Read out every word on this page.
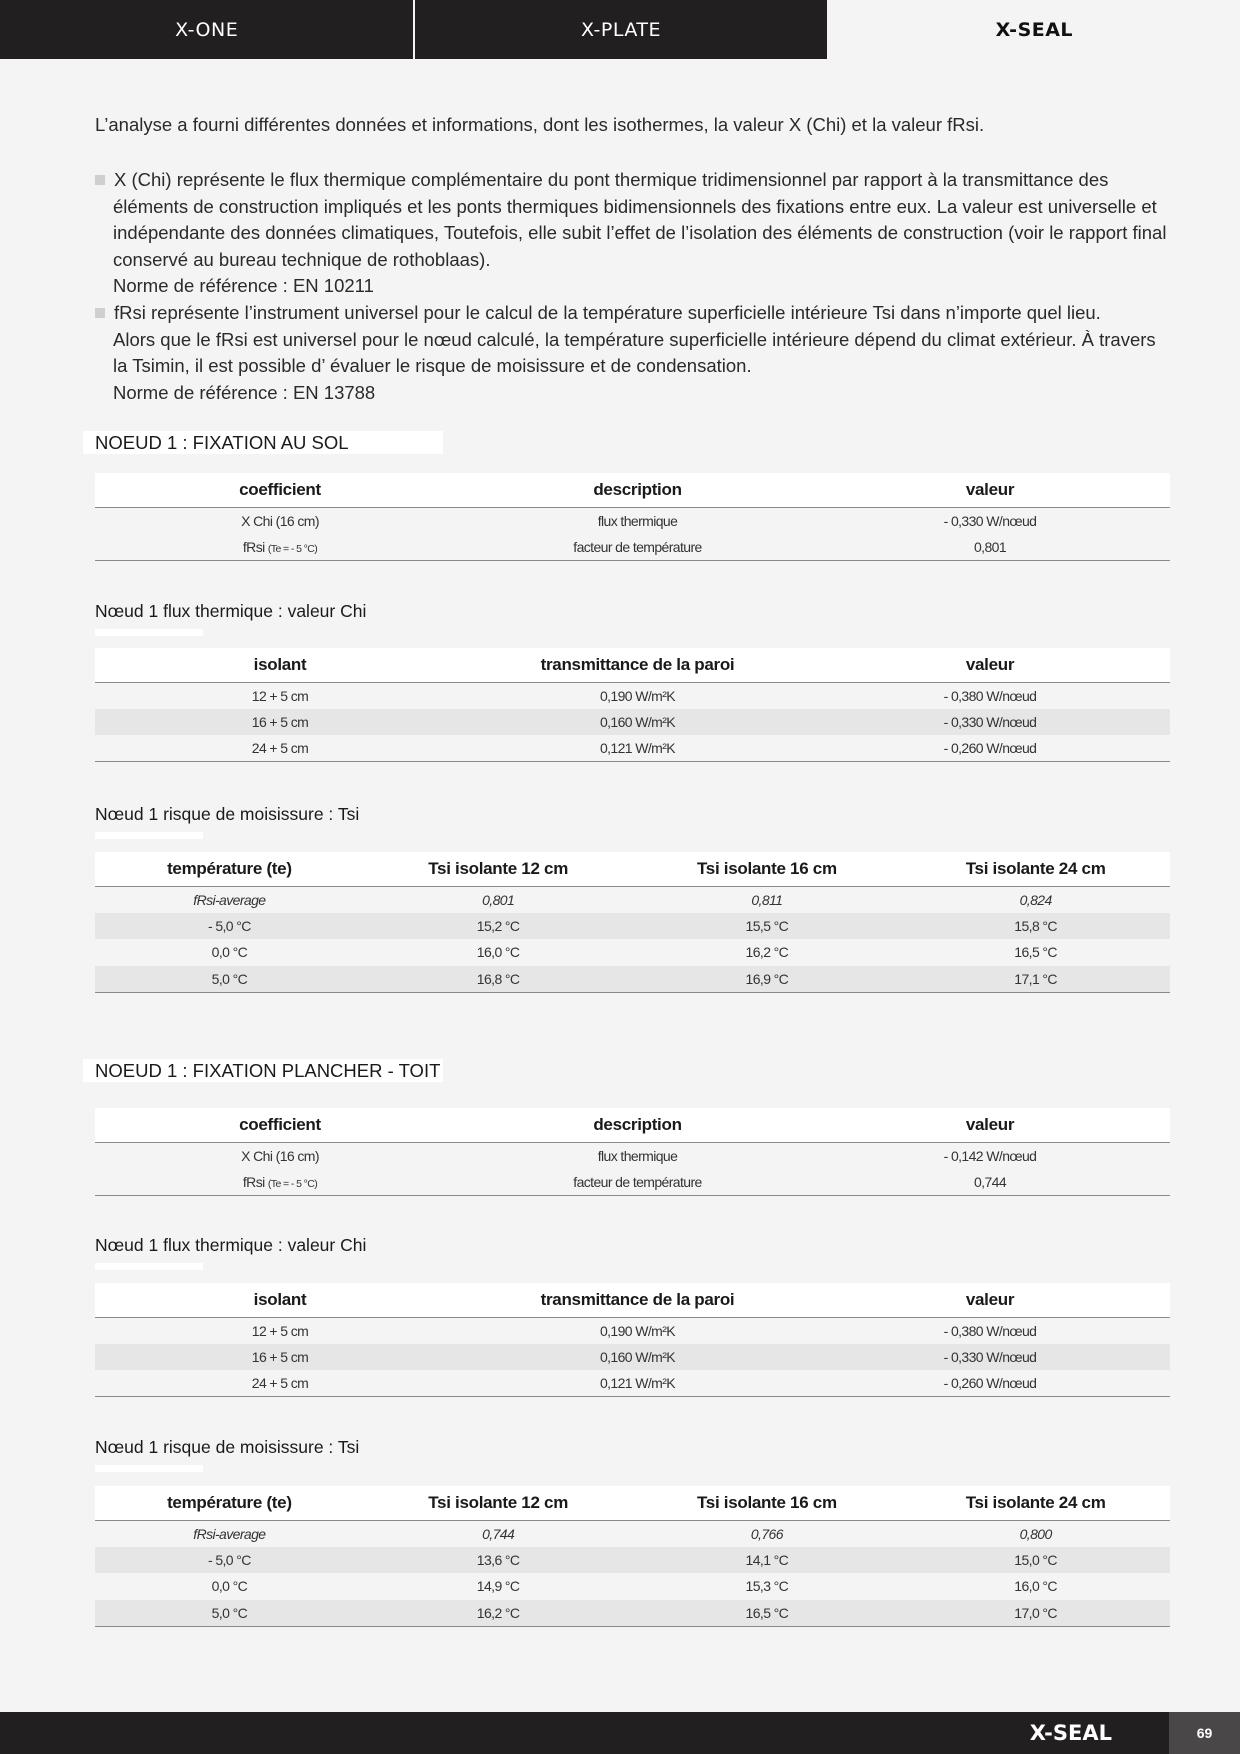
X-ONE	X-PLATE	X-SEAL

L’analyse a fourni différentes données et informations, dont les isothermes, la valeur X (Chi) et la valeur fRsi.

X (Chi) représente le flux thermique complémentaire du pont thermique tridimensionnel par rapport à la transmittance des
éléments de construction impliqués et les ponts thermiques bidimensionnels des fixations entre eux. La valeur est universelle et
indépendante des données climatiques, Toutefois, elle subit l’effet de l’isolation des éléments de construction (voir le rapport final
conservé au bureau technique de rothoblaas).
Norme de référence : EN 10211
fRsi représente l’instrument universel pour le calcul de la température superficielle intérieure Tsi dans n’importe quel lieu.
Alors que le fRsi est universel pour le nœud calculé, la température superficielle intérieure dépend du climat extérieur. À travers
la Tsimin, il est possible d’ évaluer le risque de moisissure et de condensation.
Norme de référence : EN 13788
NOEUD 1 : FIXATION AU SOL
coefficient	description	valeur
X Chi (16 cm)	flux thermique	- 0,330 W/nœud
fRsi (Te = - 5 °C)	facteur de température	0,801
Nœud 1 flux thermique : valeur Chi
isolant	transmittance de la paroi	valeur
12 + 5 cm	0,190 W/m²K	- 0,380 W/nœud
16 + 5 cm	0,160 W/m²K	- 0,330 W/nœud
24 + 5 cm	0,121 W/m²K	- 0,260 W/nœud
Nœud 1 risque de moisissure : Tsi
température (te)	Tsi isolante 12 cm	Tsi isolante 16 cm	Tsi isolante 24 cm
fRsi-average	0,801	0,811	0,824
- 5,0 °C	15,2 °C	15,5 °C	15,8 °C
0,0 °C	16,0 °C	16,2 °C	16,5 °C
5,0 °C	16,8 °C	16,9 °C	17,1 °C
NOEUD 1 : FIXATION PLANCHER - TOIT
coefficient	description	valeur
X Chi (16 cm)	flux thermique	- 0,142 W/nœud
fRsi (Te = - 5 °C)	facteur de température	0,744
Nœud 1 flux thermique : valeur Chi
isolant	transmittance de la paroi	valeur
12 + 5 cm	0,190 W/m²K	- 0,380 W/nœud
16 + 5 cm	0,160 W/m²K	- 0,330 W/nœud
24 + 5 cm	0,121 W/m²K	- 0,260 W/nœud
Nœud 1 risque de moisissure : Tsi
température (te)	Tsi isolante 12 cm	Tsi isolante 16 cm	Tsi isolante 24 cm
fRsi-average	0,744	0,766	0,800
- 5,0 °C	13,6 °C	14,1 °C	15,0 °C
0,0 °C	14,9 °C	15,3 °C	16,0 °C
5,0 °C	16,2 °C	16,5 °C	17,0 °C
X-SEAL	69
